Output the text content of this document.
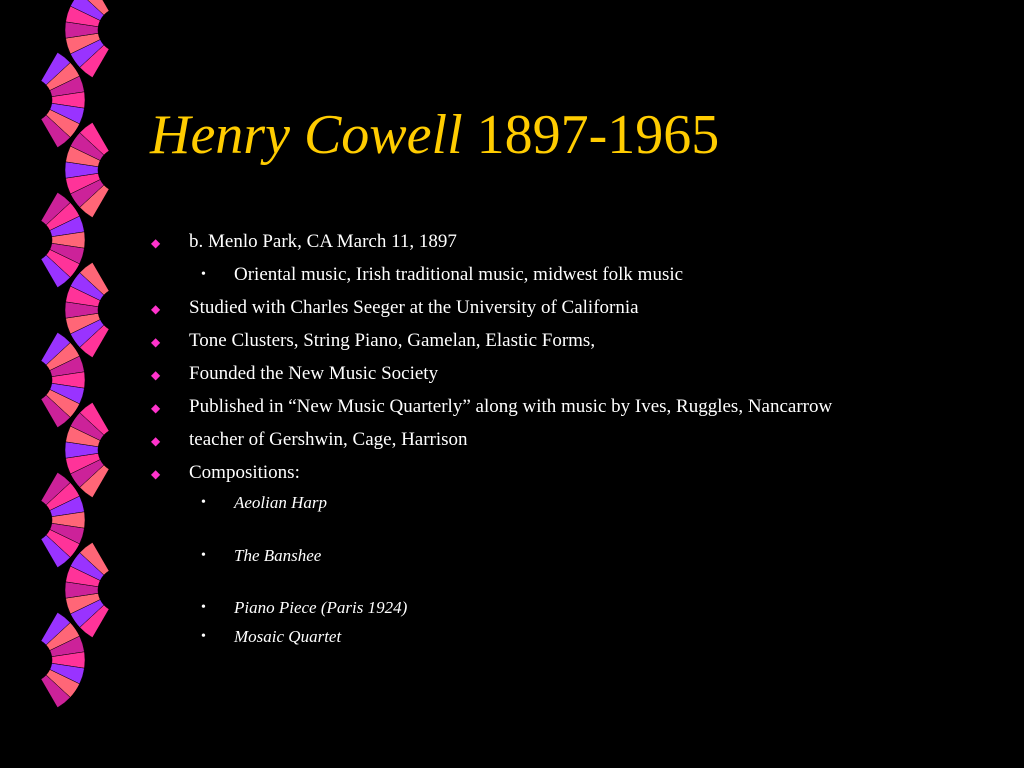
Henry Cowell 1897-1965
◆ b. Menlo Park, CA March 11, 1897
• Oriental music, Irish traditional music, midwest folk music
◆ Studied with Charles Seeger at the University of California
◆ Tone Clusters, String Piano, Gamelan, Elastic Forms,
◆ Founded the New Music Society
◆ Published in “New Music Quarterly” along with music by Ives, Ruggles, Nancarrow
◆ teacher of Gershwin, Cage, Harrison
◆ Compositions:
• Aeolian Harp
• The Banshee
• Piano Piece (Paris 1924)
• Mosaic Quartet
